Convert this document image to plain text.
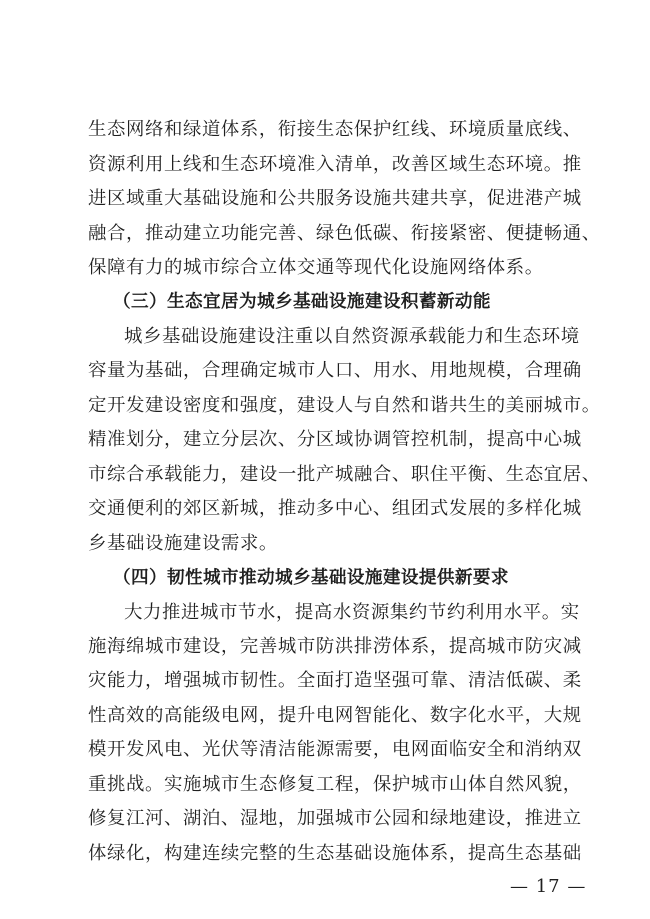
生态网络和绿道体系，衔接生态保护红线、环境质量底线、
资源利用上线和生态环境准入清单，改善区域生态环境。推
进区域重大基础设施和公共服务设施共建共享，促进港产城
融合，推动建立功能完善、绿色低碳、衔接紧密、便捷畅通、
保障有力的城市综合立体交通等现代化设施网络体系。
（三）生态宜居为城乡基础设施建设积蓄新动能
城乡基础设施建设注重以自然资源承载能力和生态环境
容量为基础，合理确定城市人口、用水、用地规模，合理确
定开发建设密度和强度，建设人与自然和谐共生的美丽城市。
精准划分，建立分层次、分区域协调管控机制，提高中心城
市综合承载能力，建设一批产城融合、职住平衡、生态宜居、
交通便利的郊区新城，推动多中心、组团式发展的多样化城
乡基础设施建设需求。
（四）韧性城市推动城乡基础设施建设提供新要求
大力推进城市节水，提高水资源集约节约利用水平。实
施海绵城市建设，完善城市防洪排涝体系，提高城市防灾减
灾能力，增强城市韧性。全面打造坚强可靠、清洁低碳、柔
性高效的高能级电网，提升电网智能化、数字化水平，大规
模开发风电、光伏等清洁能源需要，电网面临安全和消纳双
重挑战。实施城市生态修复工程，保护城市山体自然风貌，
修复江河、湖泊、湿地，加强城市公园和绿地建设，推进立
体绿化，构建连续完整的生态基础设施体系，提高生态基础
— 17 —
